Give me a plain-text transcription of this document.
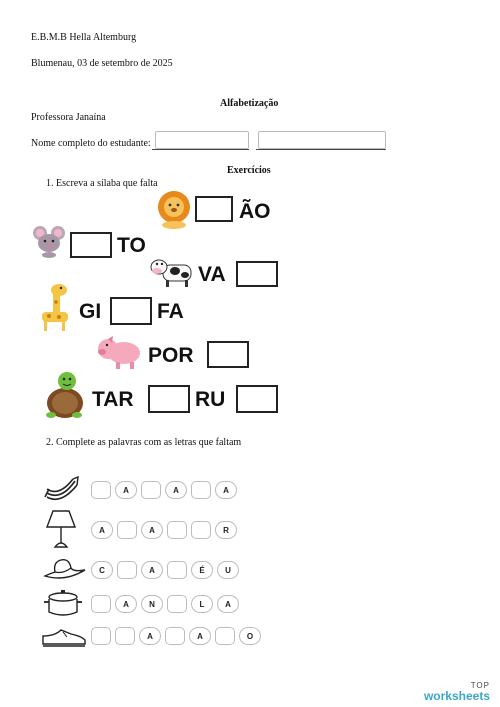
E.B.M.B Hella Altemburg
Blumenau, 03 de setembro de 2025
Alfabetização
Professora Janaína
Nome completo do estudante:
Exercícios
1. Escreva a sílaba que falta
ÃO
TO
VA
GI	FA
POR
TAR	RU
2. Complete as palavras com as letras que faltam
A	A	A
A	A	R
C	A	É	U
A	N	L	A
A	A	O
TOP
worksheets
